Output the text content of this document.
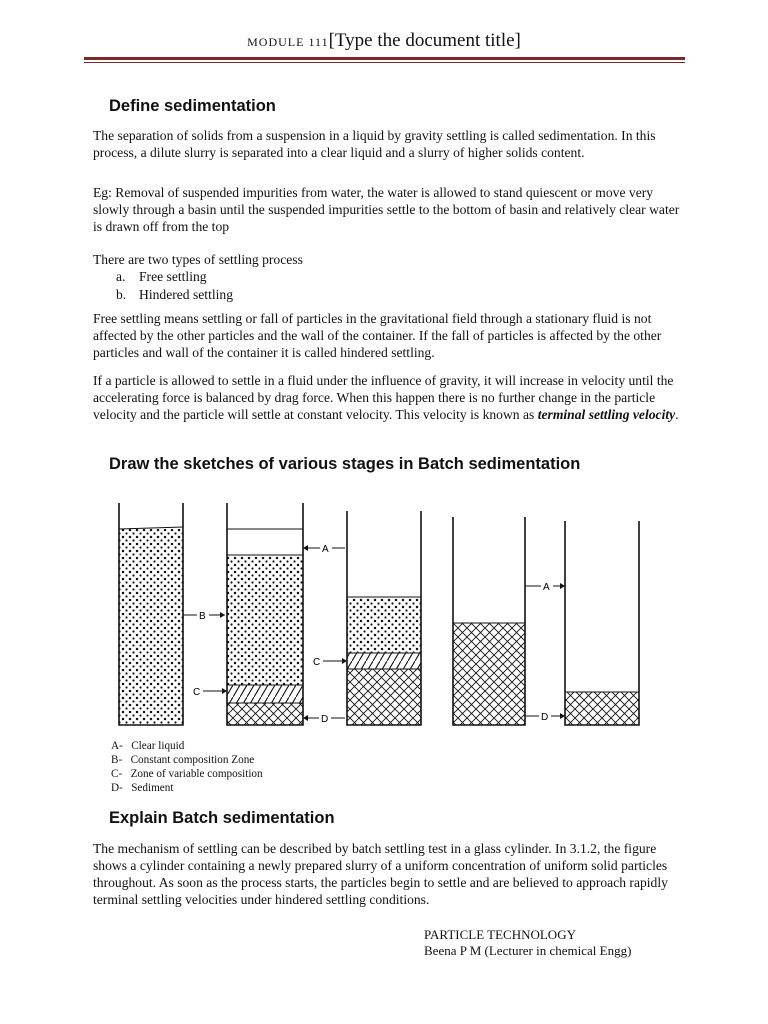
MODULE 111[Type the document title]
Define sedimentation

The separation of solids from a suspension in a liquid by gravity settling is called sedimentation. In this process, a dilute slurry is separated into a clear liquid and a slurry of higher solids content.

Eg: Removal of suspended impurities from water, the water is allowed to stand quiescent or move very slowly through a basin until the suspended impurities settle to the bottom of basin and relatively clear water is drawn off from the top

There are two types of settling process

a. Free settling
b. Hindered settling

Free settling means settling or fall of particles in the gravitational field through a stationary fluid is not affected by the other particles and the wall of the container. If the fall of particles is affected by the other particles and wall of the container it is called hindered settling.

If a particle is allowed to settle in a fluid under the influence of gravity, it will increase in velocity until the accelerating force is balanced by drag force. When this happen there is no further change in the particle velocity and the particle will settle at constant velocity. This velocity is known as terminal settling velocity.

Draw the sketches of various stages in Batch sedimentation
B
A
C
D
C
A
D
A- Clear liquid
B- Constant composition Zone
C- Zone of variable composition
D- Sediment
Explain Batch sedimentation

The mechanism of settling can be described by batch settling test in a glass cylinder. In 3.1.2, the figure shows a cylinder containing a newly prepared slurry of a uniform concentration of uniform solid particles throughout. As soon as the process starts, the particles begin to settle and are believed to approach rapidly terminal settling velocities under hindered settling conditions.

PARTICLE TECHNOLOGY
Beena P M (Lecturer in chemical Engg)
